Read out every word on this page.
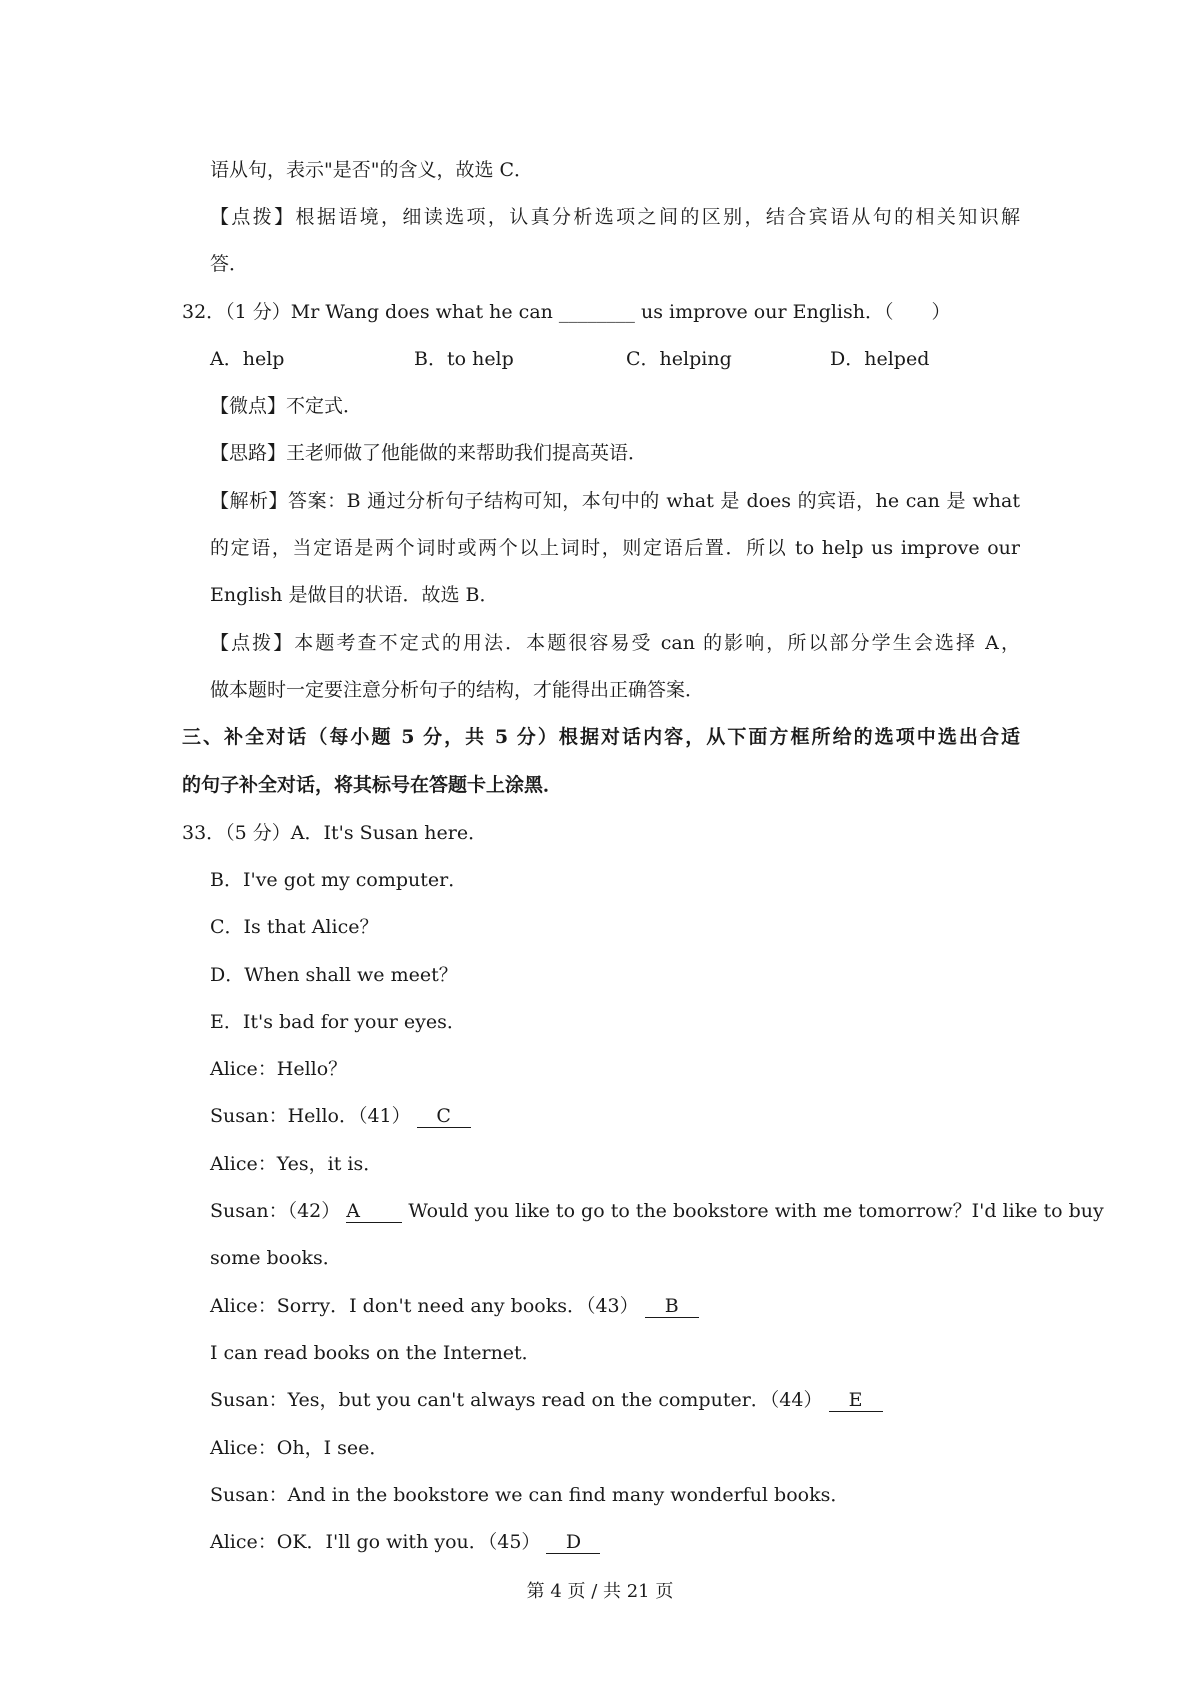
语从句，表示"是否"的含义，故选 C．
【点拨】根据语境，细读选项，认真分析选项之间的区别，结合宾语从句的相关知识解
答．
32．（1 分）Mr Wang does what he can ________ us improve our English．（　　）
A．help	B．to help	C．helping	D．helped
【微点】不定式．
【思路】王老师做了他能做的来帮助我们提高英语．
【解析】答案：B 通过分析句子结构可知，本句中的 what 是 does 的宾语，he can 是 what
的定语，当定语是两个词时或两个以上词时，则定语后置．所以 to help us improve our
English 是做目的状语．故选 B．
【点拨】本题考查不定式的用法．本题很容易受 can 的影响，所以部分学生会选择 A，
做本题时一定要注意分析句子的结构，才能得出正确答案．
三、补全对话（每小题 5 分，共 5 分）根据对话内容，从下面方框所给的选项中选出合适
的句子补全对话，将其标号在答题卡上涂黑．
33．（5 分）A．It's Susan here．
B．I've got my computer．
C．Is that Alice？
D．When shall we meet？
E．It's bad for your eyes．
Alice：Hello？
Susan：Hello．（41） C
Alice：Yes，it is．
Susan：（42） A	Would you like to go to the bookstore with me tomorrow？I'd like to buy
some books．
Alice：Sorry．I don't need any books．（43） B
I can read books on the Internet．
Susan：Yes，but you can't always read on the computer．（44） E
Alice：Oh，I see．
Susan：And in the bookstore we can find many wonderful books．
Alice：OK．I'll go with you．（45） D
第 4 页 / 共 21 页
